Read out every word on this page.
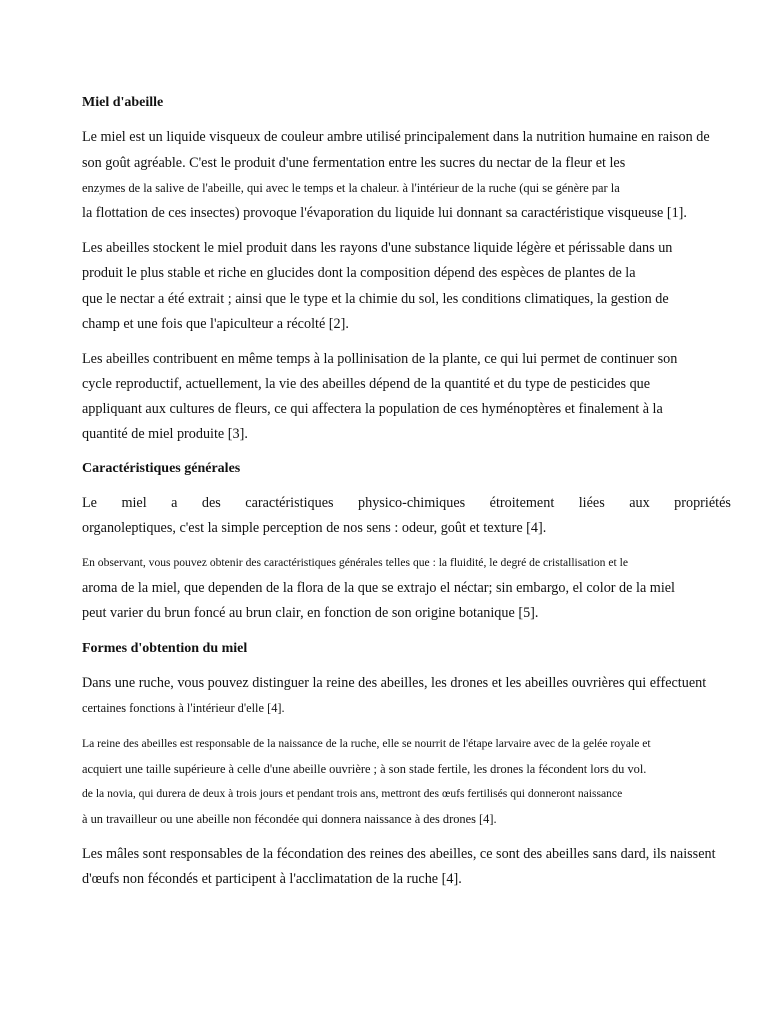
Miel d'abeille
Le miel est un liquide visqueux de couleur ambre utilisé principalement dans la nutrition humaine en raison de
son goût agréable. C'est le produit d'une fermentation entre les sucres du nectar de la fleur et les
enzymes de la salive de l'abeille, qui avec le temps et la chaleur. à l'intérieur de la ruche (qui se génère par la
la flottation de ces insectes) provoque l'évaporation du liquide lui donnant sa caractéristique visqueuse [1].
Les abeilles stockent le miel produit dans les rayons d'une substance liquide légère et périssable dans un
produit le plus stable et riche en glucides dont la composition dépend des espèces de plantes de la
que le nectar a été extrait ; ainsi que le type et la chimie du sol, les conditions climatiques, la gestion de
champ et une fois que l'apiculteur a récolté [2].
Les abeilles contribuent en même temps à la pollinisation de la plante, ce qui lui permet de continuer son
cycle reproductif, actuellement, la vie des abeilles dépend de la quantité et du type de pesticides que
appliquant aux cultures de fleurs, ce qui affectera la population de ces hyménoptères et finalement à la
quantité de miel produite [3].
Caractéristiques générales
Le miel a des caractéristiques physico-chimiques étroitement liées aux propriétés
organoleptiques, c'est la simple perception de nos sens : odeur, goût et texture [4].
En observant, vous pouvez obtenir des caractéristiques générales telles que : la fluidité, le degré de cristallisation et le
aroma de la miel, que dependen de la flora de la que se extrajo el néctar; sin embargo, el color de la miel
peut varier du brun foncé au brun clair, en fonction de son origine botanique [5].
Formes d'obtention du miel
Dans une ruche, vous pouvez distinguer la reine des abeilles, les drones et les abeilles ouvrières qui effectuent
certaines fonctions à l'intérieur d'elle [4].
La reine des abeilles est responsable de la naissance de la ruche, elle se nourrit de l'étape larvaire avec de la gelée royale et
acquiert une taille supérieure à celle d'une abeille ouvrière ; à son stade fertile, les drones la fécondent lors du vol.
de la novia, qui durera de deux à trois jours et pendant trois ans, mettront des œufs fertilisés qui donneront naissance
à un travailleur ou une abeille non fécondée qui donnera naissance à des drones [4].
Les mâles sont responsables de la fécondation des reines des abeilles, ce sont des abeilles sans dard, ils naissent
d'œufs non fécondés et participent à l'acclimatation de la ruche [4].
